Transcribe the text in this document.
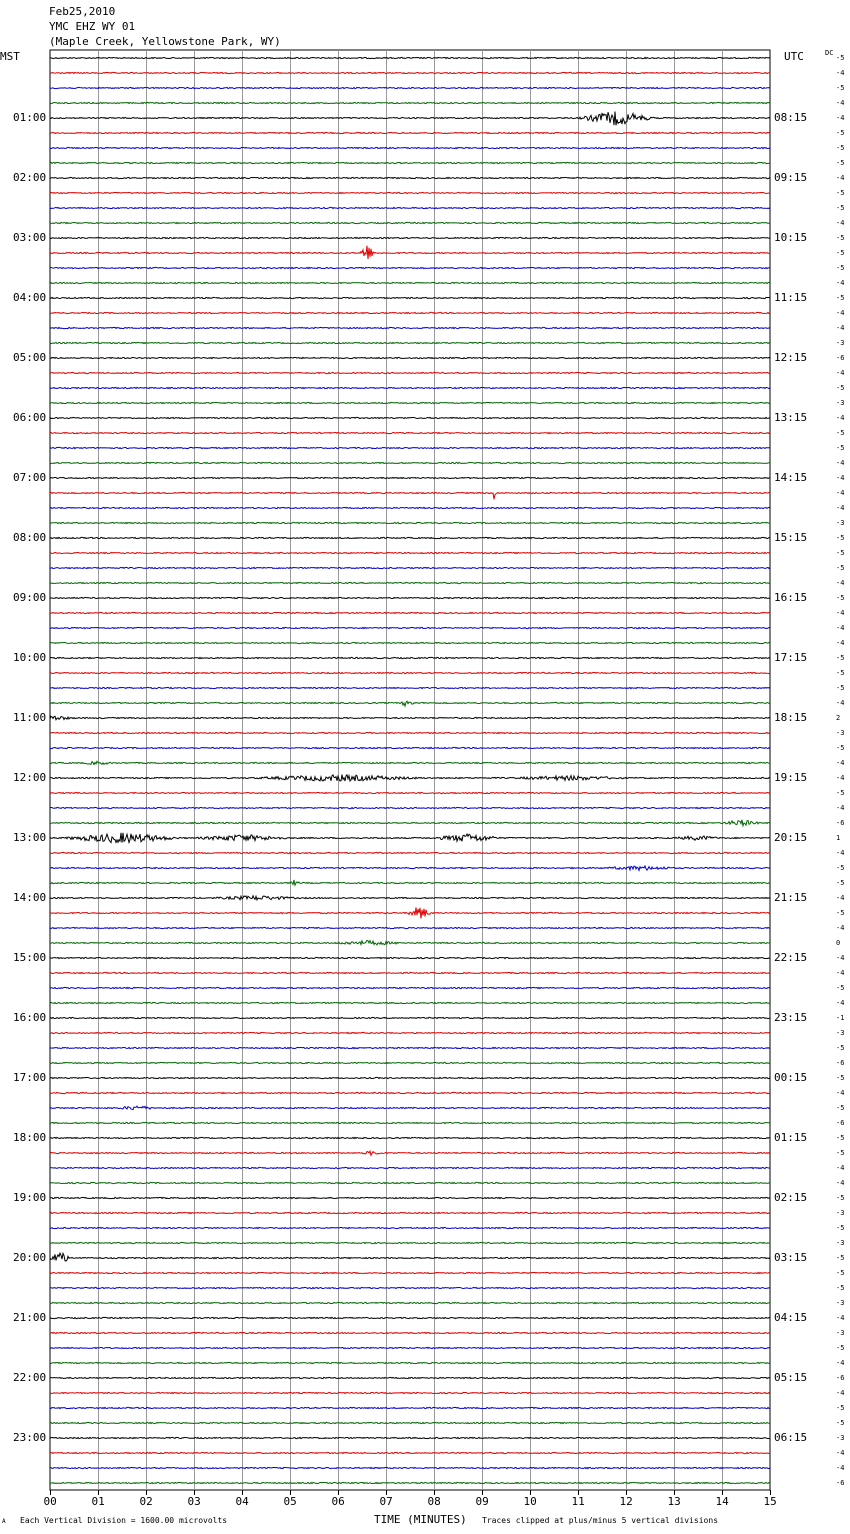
Feb25,2010
YMC EHZ WY 01
(Maple Creek, Yellowstone Park, WY)
MST	UTC	DC
00	01	02	03	04	05	06	07	08	09	10	11	12	13	14	15
-5
-4
-5
-4
-4
-5
-5
-5
-4
-5
-5
-4
-5
-5
-5
-4
-5
-4
-4
-3
-6
-4
-5
-3
-4
-5
-5
-4
-4
-4
-4
-3
-5
-5
-5
-4
-5
-4
-4
-4
-5
-5
-5
-4
2
-3
-5
-4
-4
-5
-4
-6
1
-4
-5
-5
-4
-5
-4
0
-4
-4
-5
-4
-1
-3
-5
-6
-5
-4
-5
-6
-5
-5
-4
-4
-5
-3
-5
-3
-5
-5
-5
-3
-4
-3
-5
-4
-6
-4
-5
-5
-3
-4
-4
-6
01:00	08:15
02:00	09:15
03:00	10:15
04:00	11:15
05:00	12:15
06:00	13:15
07:00	14:15
08:00	15:15
09:00	16:15
10:00	17:15
11:00	18:15
12:00	19:15
13:00	20:15
14:00	21:15
15:00	22:15
16:00	23:15
17:00	00:15
18:00	01:15
19:00	02:15
20:00	03:15
21:00	04:15
22:00	05:15
23:00	06:15
A Each Vertical Division = 1600.00 microvolts	TIME (MINUTES) Traces clipped at plus/minus 5 vertical divisions
